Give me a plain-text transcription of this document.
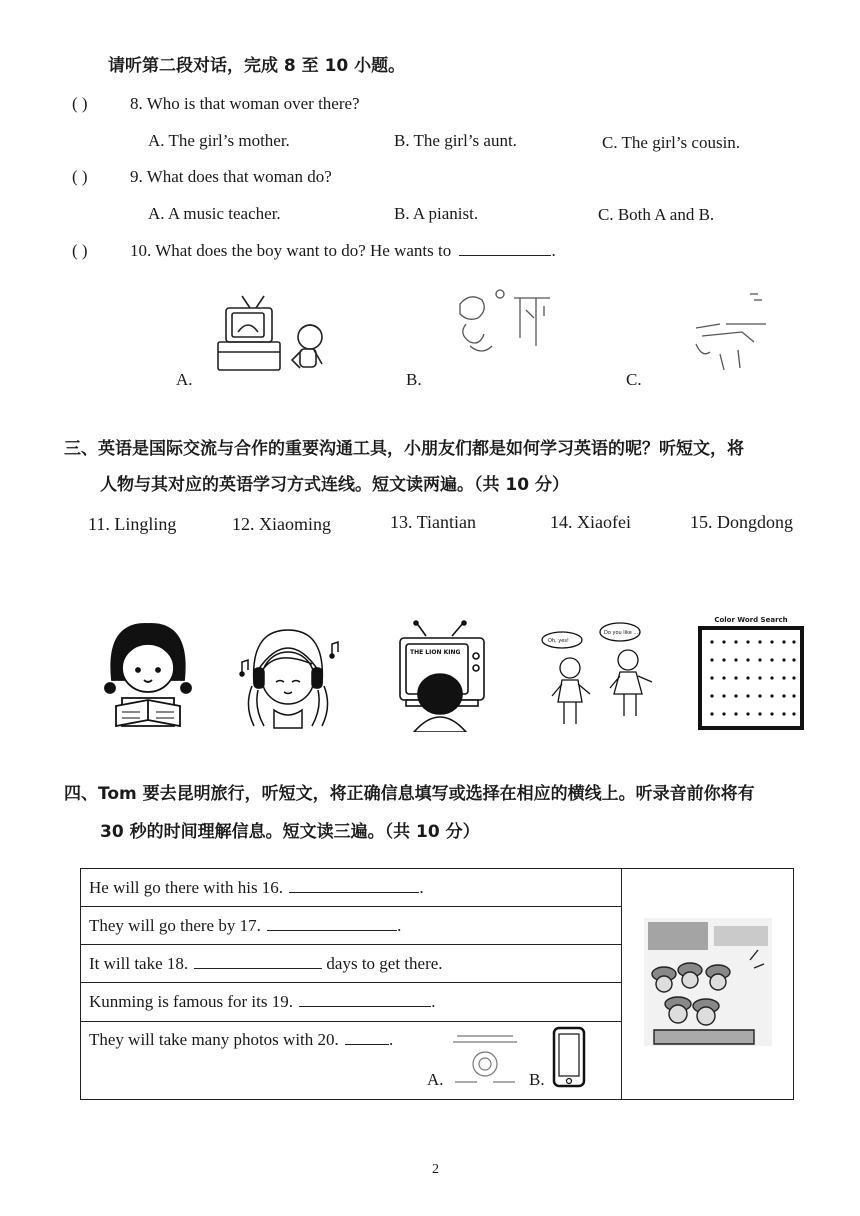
请听第二段对话，完成 8 至 10 小题。
( ) 8. Who is that woman over there?
A. The girl’s mother.	B. The girl’s aunt.	C. The girl’s cousin.
( ) 9. What does that woman do?
A. A music teacher.	B. A pianist.	C. Both A and B.
( ) 10. What does the boy want to do? He wants to	.
A.	B.	C.
三、英语是国际交流与合作的重要沟通工具，小朋友们都是如何学习英语的呢？听短文，将
人物与其对应的英语学习方式连线。短文读两遍。（共 10 分）
11. Lingling	12. Xiaoming	13. Tiantian	14. Xiaofei	15. Dongdong
THE LION KING
Oh, yes!
Do you like ...?
Color Word Search
四、Tom 要去昆明旅行，听短文，将正确信息填写或选择在相应的横线上。听录音前你将有
30 秒的时间理解信息。短文读三遍。（共 10 分）
He will go there with his 16.	.	
They will go there by 17.	.
It will take 18.	days to get there.
Kunming is famous for its 19.	.
They will take many photos with 20.	.
A.	B.
2
